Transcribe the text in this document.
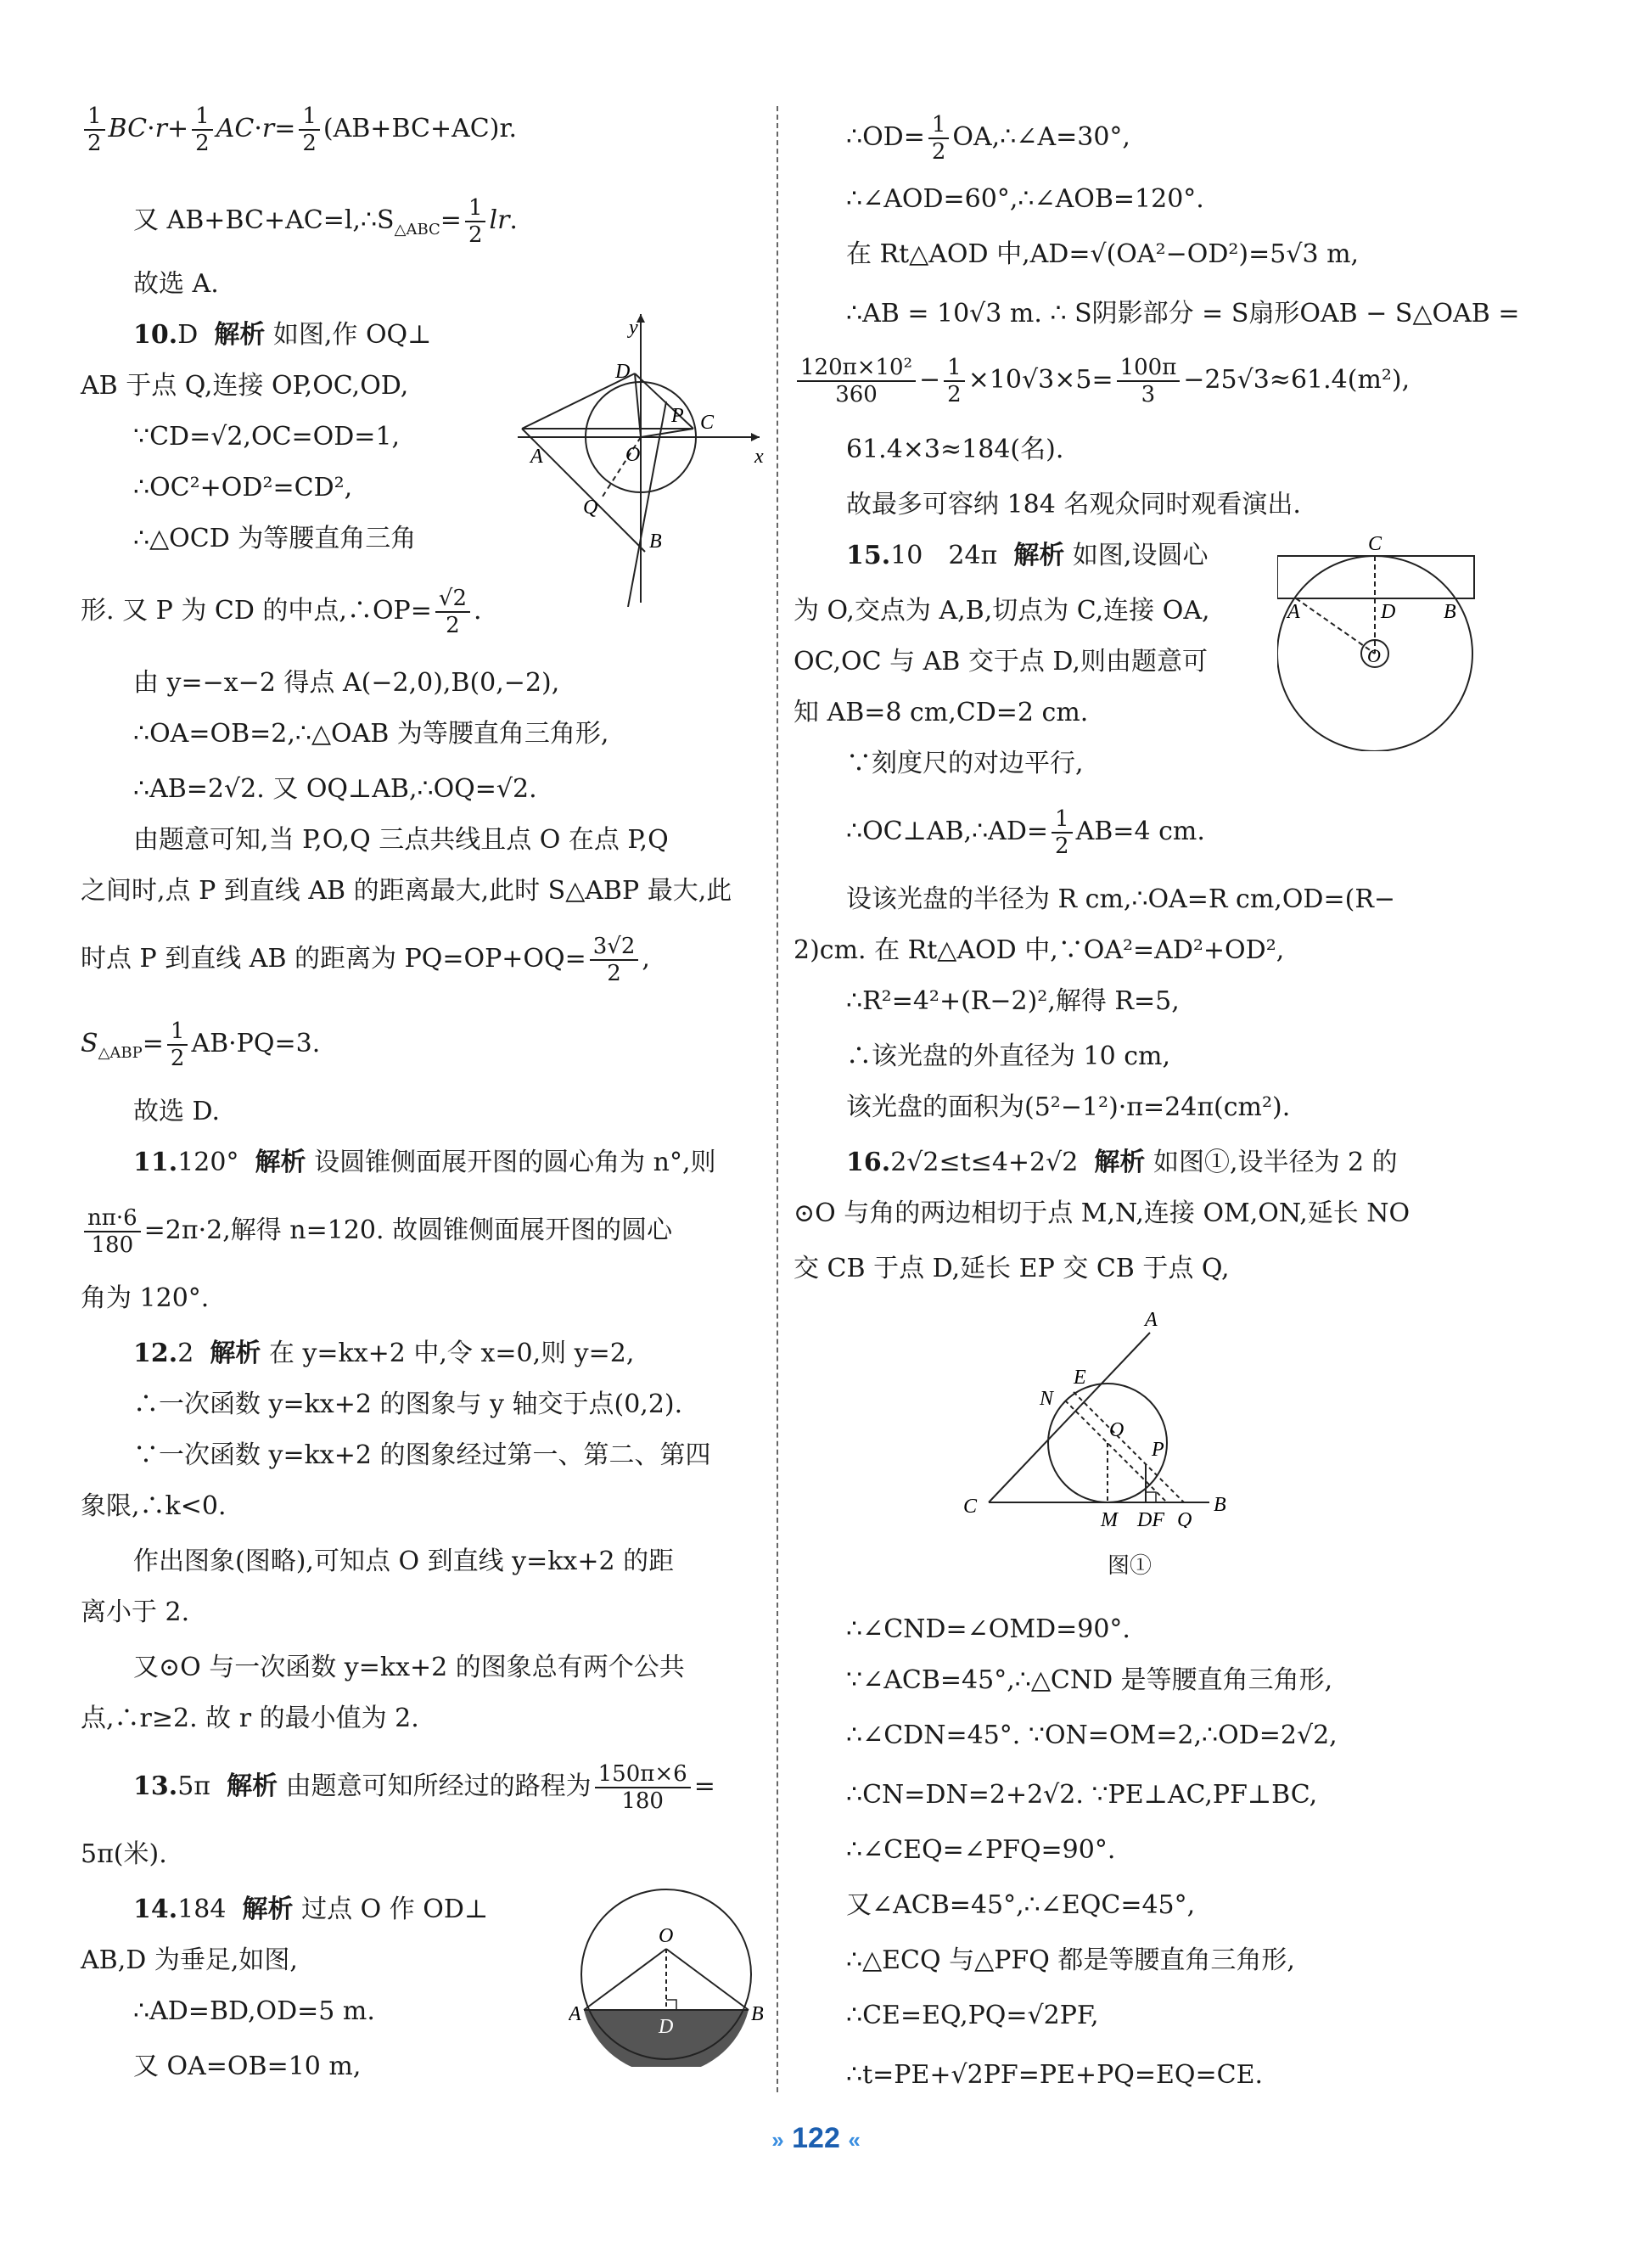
$\frac{1}{2} BC\cdot r+ \frac{1}{2} AC\cdot r= \frac{1}{2} (AB+BC+AC)r$.
又 $AB+BC+AC=l,\therefore S_{\triangle ABC}= \frac{1}{2}$ lr.
故选 A.
10.D 解析 如图,作 OQ⊥
AB 于点 Q,连接 OP,OC,OD,
∵CD=√2,OC=OD=1,
∴OC²+OD²=CD²,
∴△OCD 为等腰直角三角
形. 又 P 为 CD 的中点,∴OP= $\frac{√2}{2}$ .
由 y=−x−2 得点 A(−2,0),B(0,−2),
∴OA=OB=2,∴△OAB 为等腰直角三角形,
∴AB=2√2. 又 OQ⊥AB,∴OQ=√2.
由题意可知,当 P,O,Q 三点共线且点 O 在点 P,Q
之间时,点 P 到直线 AB 的距离最大,此时 S△ABP 最大,此
时点 P 到直线 AB 的距离为 $PQ=OP+OQ= \frac{3√2}{2}$ ,
$S_{\triangle ABP}= \frac{1}{2} AB\cdot PQ=3$.
故选 D.
11.120° 解析 设圆锥侧面展开图的圆心角为 n°,则
$\frac{n\pi\cdot 6}{180} =2\pi\cdot 2$,解得 n=120. 故圆锥侧面展开图的圆心
角为 120°.
12.2 解析 在 y=kx+2 中,令 x=0,则 y=2,
∴一次函数 y=kx+2 的图象与 y 轴交于点(0,2).
∵一次函数 y=kx+2 的图象经过第一、第二、第四
象限,∴k<0.
作出图象(图略),可知点 O 到直线 y=kx+2 的距
离小于 2.
又⊙O 与一次函数 y=kx+2 的图象总有两个公共
点,∴r≥2. 故 r 的最小值为 2.
13.5π 解析 由题意可知所经过的路程为 $\frac{150\pi\times 6}{180}$ =
5π(米).
14.184 解析 过点 O 作 OD⊥
AB,D 为垂足,如图,
∴AD=BD,OD=5 m.
又 OA=OB=10 m,
y
x
D
C
P
A	O
Q
B
O
A	B
D
∴OD= $\frac{1}{2}$ OA,∴∠A=30°,
∴∠AOD=60°,∴∠AOB=120°.
在 Rt△AOD 中,AD=√(OA²−OD²)=5√3 m,
∴AB = 10√3 m. ∴ S阴影部分 = S扇形OAB − S△OAB =
$\frac{\text{120π×10²}}{360} - \frac{1}{2} \times 10√3\times 5= \frac{100\pi}{3} -25√3\approx 61.4(m^2)$,
61.4×3≈184(名).
故最多可容纳 184 名观众同时观看演出.
15.10　24π 解析 如图,设圆心
为 O,交点为 A,B,切点为 C,连接 OA,
OC,OC 与 AB 交于点 D,则由题意可
知 AB=8 cm,CD=2 cm.
∵刻度尺的对边平行,
∴OC⊥AB,∴AD= $\frac{1}{2} AB=4$ cm.
设该光盘的半径为 R cm,∴OA=R cm,OD=(R−
2)cm. 在 Rt△AOD 中,∵OA²=AD²+OD²,
∴R²=4²+(R−2)²,解得 R=5,
∴该光盘的外直径为 10 cm,
该光盘的面积为(5²−1²)·π=24π(cm²).
16.2√2≤t≤4+2√2 解析 如图①,设半径为 2 的
⊙O 与角的两边相切于点 M,N,连接 OM,ON,延长 NO
交 CB 于点 D,延长 EP 交 CB 于点 Q,
图①
∴∠CND=∠OMD=90°.
∵∠ACB=45°,∴△CND 是等腰直角三角形,
∴∠CDN=45°. ∵ON=OM=2,∴OD=2√2,
∴CN=DN=2+2√2. ∵PE⊥AC,PF⊥BC,
∴∠CEQ=∠PFQ=90°.
又∠ACB=45°,∴∠EQC=45°,
∴△ECQ 与△PFQ 都是等腰直角三角形,
∴CE=EQ,PQ=√2PF,
∴t=PE+√2PF=PE+PQ=EQ=CE.
C
A	D B
O
A
E
N
O
P
C
M DF Q
B
» 122 «
